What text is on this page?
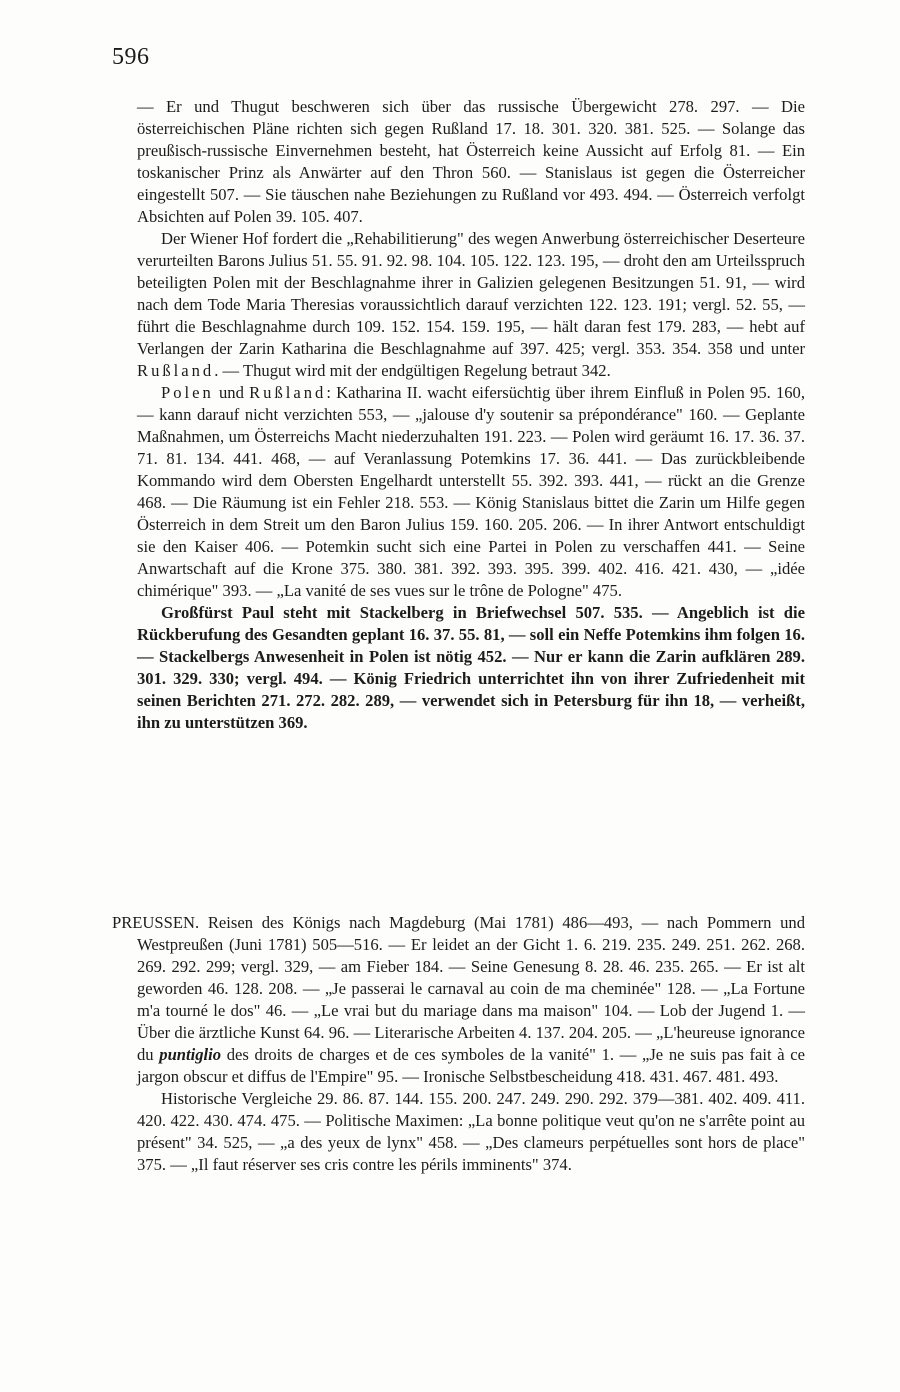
596

— Er und Thugut beschweren sich über das russische Übergewicht 278. 297. — Die österreichischen Pläne richten sich gegen Rußland 17. 18. 301. 320. 381. 525. — Solange das preußisch-russische Einvernehmen besteht, hat Österreich keine Aussicht auf Erfolg 81. — Ein toskanischer Prinz als Anwärter auf den Thron 560. — Stanislaus ist gegen die Österreicher eingestellt 507. — Sie täuschen nahe Beziehungen zu Rußland vor 493. 494. — Österreich verfolgt Absichten auf Polen 39. 105. 407.

Der Wiener Hof fordert die „Rehabilitierung" des wegen Anwerbung österreichischer Deserteure verurteilten Barons Julius 51. 55. 91. 92. 98. 104. 105. 122. 123. 195, — droht den am Urteilsspruch beteiligten Polen mit der Beschlagnahme ihrer in Galizien gelegenen Besitzungen 51. 91, — wird nach dem Tode Maria Theresias voraussichtlich darauf verzichten 122. 123. 191; vergl. 52. 55, — führt die Beschlagnahme durch 109. 152. 154. 159. 195, — hält daran fest 179. 283, — hebt auf Verlangen der Zarin Katharina die Beschlagnahme auf 397. 425; vergl. 353. 354. 358 und unter Rußland. — Thugut wird mit der endgültigen Regelung betraut 342.

Polen und Rußland: Katharina II. wacht eifersüchtig über ihrem Einfluß in Polen 95. 160, — kann darauf nicht verzichten 553, — „jalouse d'y soutenir sa prépondérance" 160. — Geplante Maßnahmen, um Österreichs Macht niederzuhalten 191. 223. — Polen wird geräumt 16. 17. 36. 37. 71. 81. 134. 441. 468, — auf Veranlassung Potemkins 17. 36. 441. — Das zurückbleibende Kommando wird dem Obersten Engelhardt unterstellt 55. 392. 393. 441, — rückt an die Grenze 468. — Die Räumung ist ein Fehler 218. 553. — König Stanislaus bittet die Zarin um Hilfe gegen Österreich in dem Streit um den Baron Julius 159. 160. 205. 206. — In ihrer Antwort entschuldigt sie den Kaiser 406. — Potemkin sucht sich eine Partei in Polen zu verschaffen 441. — Seine Anwartschaft auf die Krone 375. 380. 381. 392. 393. 395. 399. 402. 416. 421. 430, — „idée chimérique" 393. — „La vanité de ses vues sur le trône de Pologne" 475.

Großfürst Paul steht mit Stackelberg in Briefwechsel 507. 535. — Angeblich ist die Rückberufung des Gesandten geplant 16. 37. 55. 81, — soll ein Neffe Potemkins ihm folgen 16. — Stackelbergs Anwesenheit in Polen ist nötig 452. — Nur er kann die Zarin aufklären 289. 301. 329. 330; vergl. 494. — König Friedrich unterrichtet ihn von ihrer Zufriedenheit mit seinen Berichten 271. 272. 282. 289, — verwendet sich in Petersburg für ihn 18, — verheißt, ihn zu unterstützen 369.

PREUSSEN. Reisen des Königs nach Magdeburg (Mai 1781) 486—493, — nach Pommern und Westpreußen (Juni 1781) 505—516. — Er leidet an der Gicht 1. 6. 219. 235. 249. 251. 262. 268. 269. 292. 299; vergl. 329, — am Fieber 184. — Seine Genesung 8. 28. 46. 235. 265. — Er ist alt geworden 46. 128. 208. — „Je passerai le carnaval au coin de ma cheminée" 128. — „La Fortune m'a tourné le dos" 46. — „Le vrai but du mariage dans ma maison" 104. — Lob der Jugend 1. — Über die ärztliche Kunst 64. 96. — Literarische Arbeiten 4. 137. 204. 205. — „L'heureuse ignorance du puntiglio des droits de charges et de ces symboles de la vanité" 1. — „Je ne suis pas fait à ce jargon obscur et diffus de l'Empire" 95. — Ironische Selbstbescheidung 418. 431. 467. 481. 493.

Historische Vergleiche 29. 86. 87. 144. 155. 200. 247. 249. 290. 292. 379—381. 402. 409. 411. 420. 422. 430. 474. 475. — Politische Maximen: „La bonne politique veut qu'on ne s'arrête point au présent" 34. 525, — „a des yeux de lynx" 458. — „Des clameurs perpétuelles sont hors de place" 375. — „Il faut réserver ses cris contre les périls imminents" 374.
